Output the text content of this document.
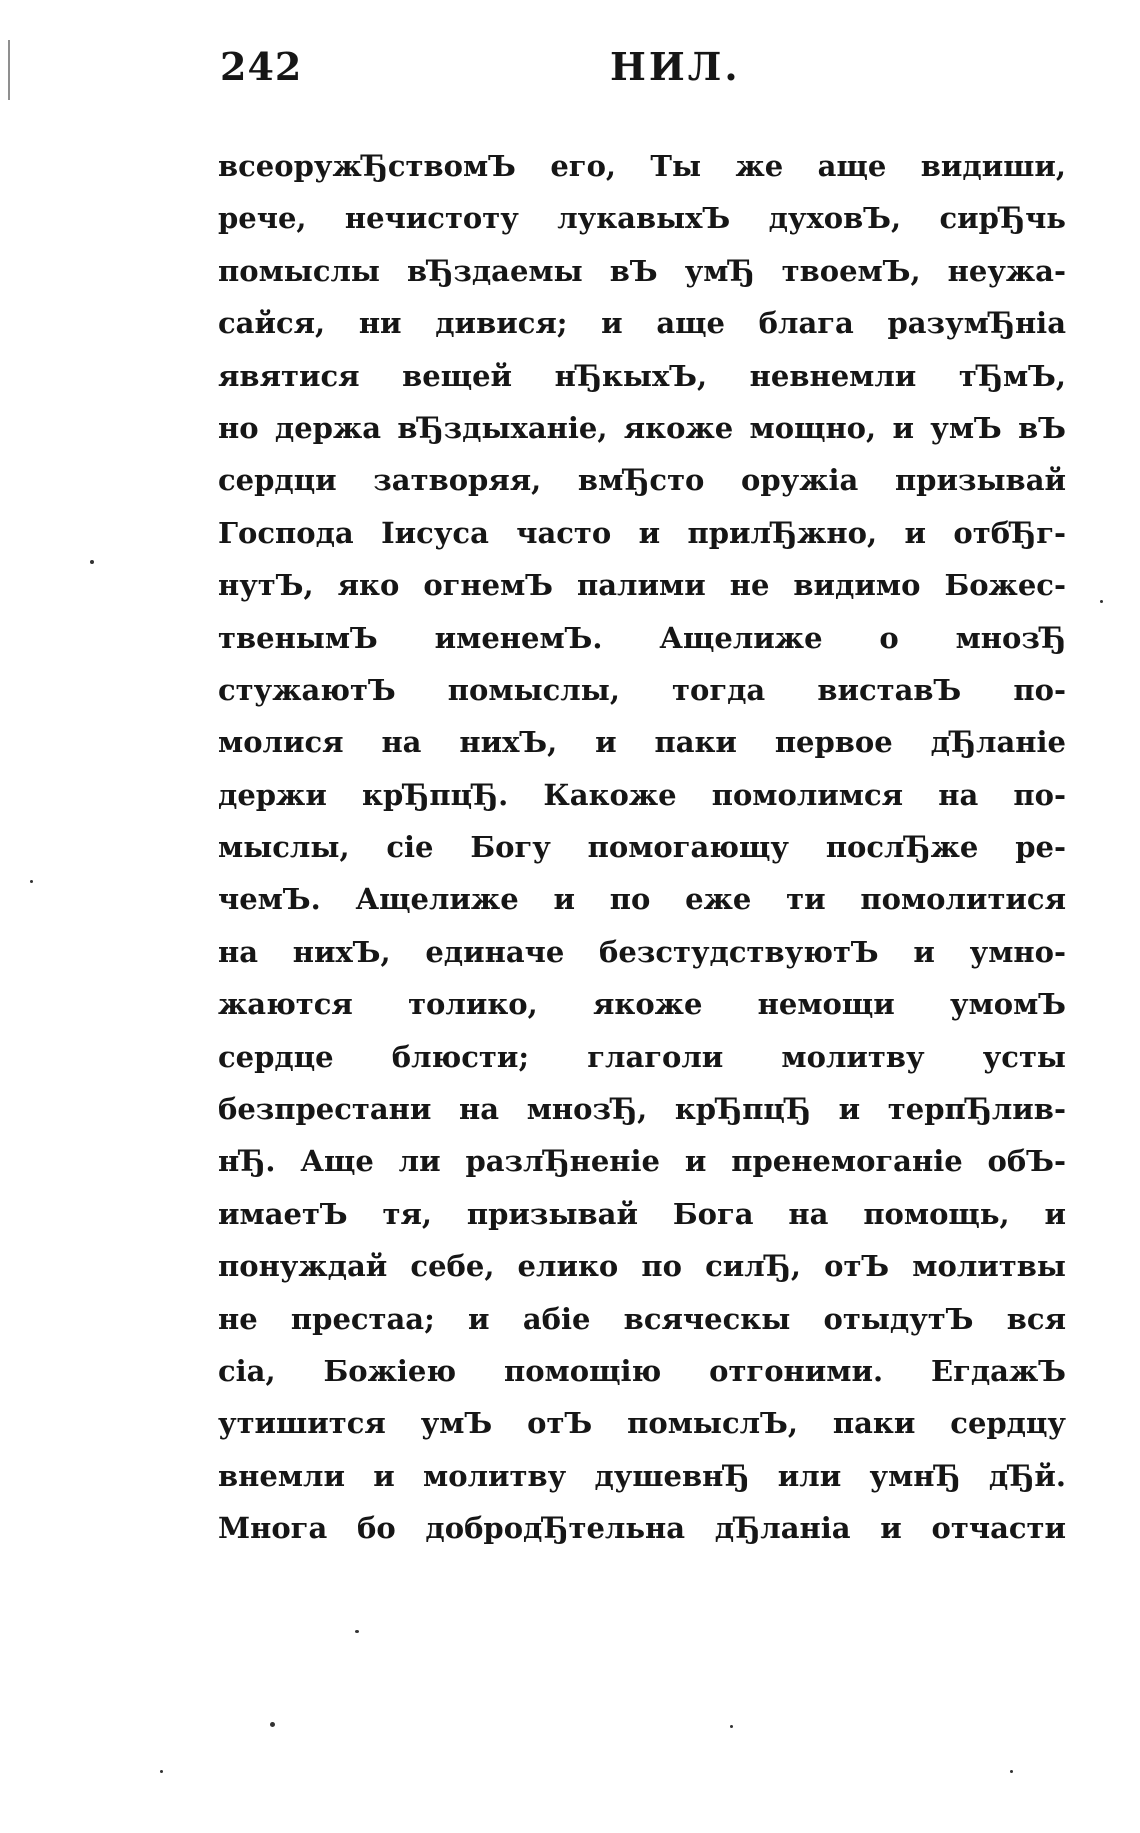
242	НИЛ.
всеоружЂствомЪ его, Ты же аще видиши,
рече, нечистоту лукавыхЪ духовЪ, сирЂчь
помыслы вЂздаемы вЪ умЂ твоемЪ, неужа-
сайся, ни дивися; и аще блага разумЂніа
явятися вещей нЂкыхЪ, невнемли тЂмЪ,
но держа вЂздыханіе, якоже мощно, и умЪ вЪ
сердци затворяя, вмЂсто оружіа призывай
Господа Іисуса часто и прилЂжно, и отбЂг-
нутЪ, яко огнемЪ палими не видимо Божес-
твенымЪ именемЪ. Ащелиже о мнозЂ
стужаютЪ помыслы, тогда виставЪ по-
молися на нихЪ, и паки первое дЂланіе
держи крЂпцЂ. Какоже помолимся на по-
мыслы, сіе Богу помогающу послЂже ре-
чемЪ. Ащелиже и по еже ти помолитися
на нихЪ, единаче безстудствуютЪ и умно-
жаются толико, якоже немощи умомЪ
сердце блюсти; глаголи молитву усты
безпрестани на мнозЂ, крЂпцЂ и терпЂлив-
нЂ. Аще ли разлЂненіе и пренемоганіе обЪ-
имаетЪ тя, призывай Бога на помощь, и
понуждай себе, елико по силЂ, отЪ молитвы
не престаа; и абіе всяческы отыдутЪ вся
сіа, Божіею помощію отгоними. ЕгдажЪ
утишится умЪ отЪ помыслЪ, паки сердцу
внемли и молитву душевнЂ или умнЂ дЂй.
Многа бо добродЂтельна дЂланіа и отчасти
